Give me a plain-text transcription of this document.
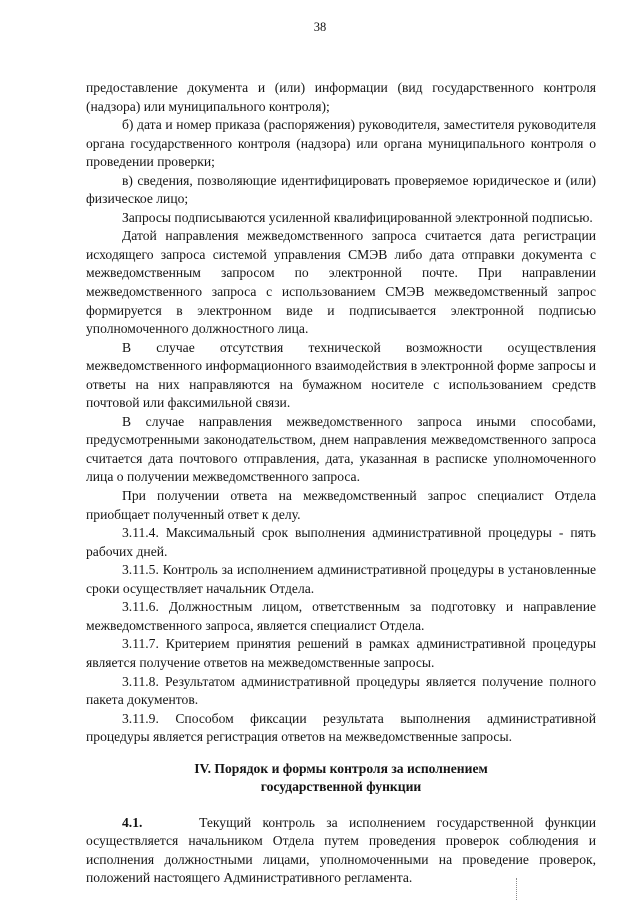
38

предоставление документа и (или) информации (вид государственного контроля (надзора) или муниципального контроля);

б) дата и номер приказа (распоряжения) руководителя, заместителя руководителя органа государственного контроля (надзора) или органа муниципального контроля о проведении проверки;

в) сведения, позволяющие идентифицировать проверяемое юридическое и (или) физическое лицо;

Запросы подписываются усиленной квалифицированной электронной подписью.

Датой направления межведомственного запроса считается дата регистрации исходящего запроса системой управления СМЭВ либо дата отправки документа с межведомственным запросом по электронной почте. При направлении межведомственного запроса с использованием СМЭВ межведомственный запрос формируется в электронном виде и подписывается электронной подписью уполномоченного должностного лица.

В случае отсутствия технической возможности осуществления межведомственного информационного взаимодействия в электронной форме запросы и ответы на них направляются на бумажном носителе с использованием средств почтовой или факсимильной связи.

В случае направления межведомственного запроса иными способами, предусмотренными законодательством, днем направления межведомственного запроса считается дата почтового отправления, дата, указанная в расписке уполномоченного лица о получении межведомственного запроса.

При получении ответа на межведомственный запрос специалист Отдела приобщает полученный ответ к делу.

3.11.4. Максимальный срок выполнения административной процедуры - пять рабочих дней.

3.11.5. Контроль за исполнением административной процедуры в установленные сроки осуществляет начальник Отдела.

3.11.6. Должностным лицом, ответственным за подготовку и направление межведомственного запроса, является специалист Отдела.

3.11.7. Критерием принятия решений в рамках административной процедуры является получение ответов на межведомственные запросы.

3.11.8. Результатом административной процедуры является получение полного пакета документов.

3.11.9. Способом фиксации результата выполнения административной процедуры является регистрация ответов на межведомственные запросы.

IV. Порядок и формы контроля за исполнением
государственной функции

4.1.	Текущий контроль за исполнением государственной функции осуществляется начальником Отдела путем проведения проверок соблюдения и исполнения должностными лицами, уполномоченными на проведение проверок, положений настоящего Административного регламента.
